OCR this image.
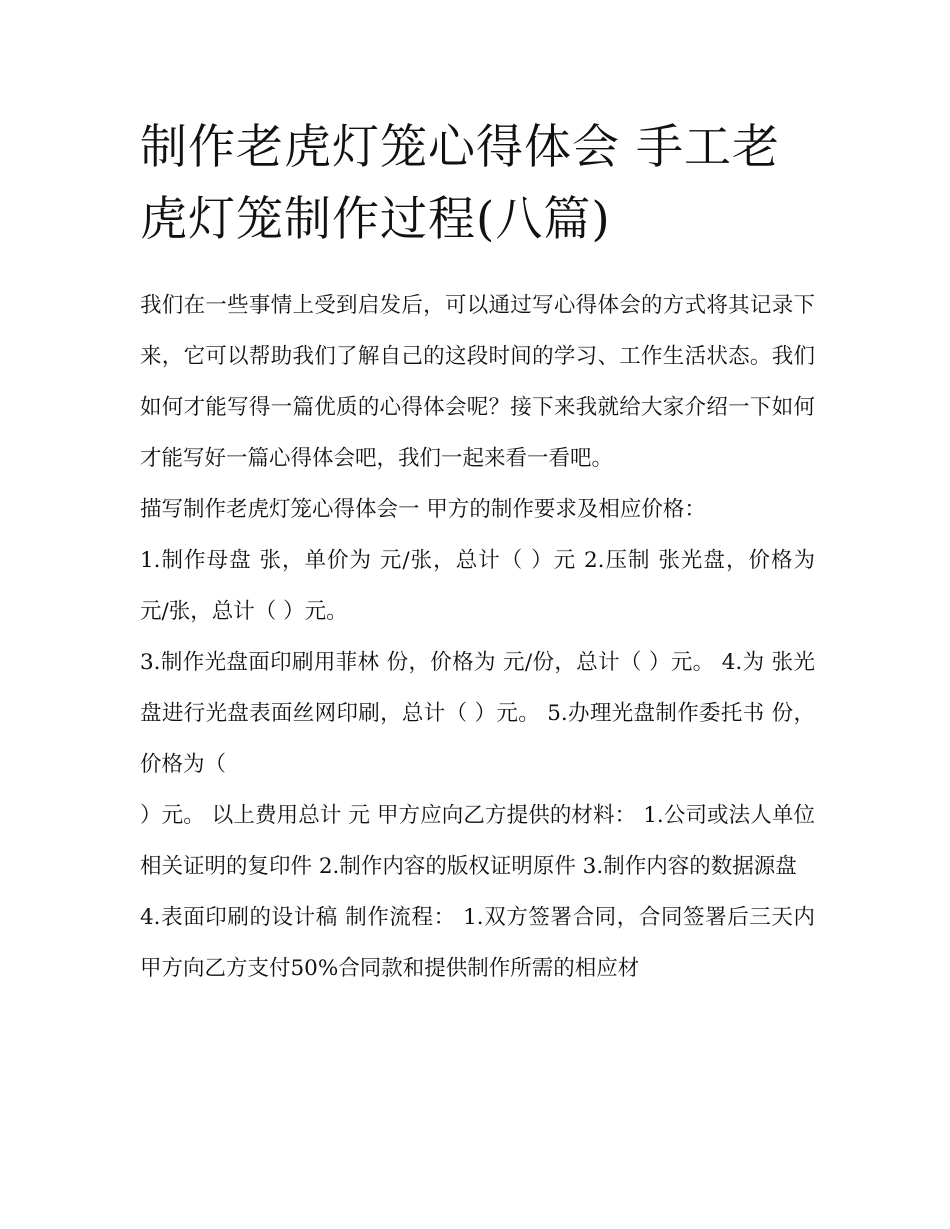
制作老虎灯笼心得体会 手工老虎灯笼制作过程(八篇)

我们在一些事情上受到启发后，可以通过写心得体会的方式将其记录下来，它可以帮助我们了解自己的这段时间的学习、工作生活状态。我们如何才能写得一篇优质的心得体会呢？接下来我就给大家介绍一下如何才能写好一篇心得体会吧，我们一起来看一看吧。

描写制作老虎灯笼心得体会一 甲方的制作要求及相应价格：

1.制作母盘 张，单价为 元/张，总计（ ）元 2.压制 张光盘，价格为 元/张，总计（ ）元。

3.制作光盘面印刷用菲林 份，价格为 元/份，总计（ ）元。 4.为 张光盘进行光盘表面丝网印刷，总计（ ）元。 5.办理光盘制作委托书 份，价格为（

）元。 以上费用总计 元 甲方应向乙方提供的材料： 1.公司或法人单位相关证明的复印件 2.制作内容的版权证明原件 3.制作内容的数据源盘

4.表面印刷的设计稿 制作流程： 1.双方签署合同，合同签署后三天内甲方向乙方支付50%合同款和提供制作所需的相应材
